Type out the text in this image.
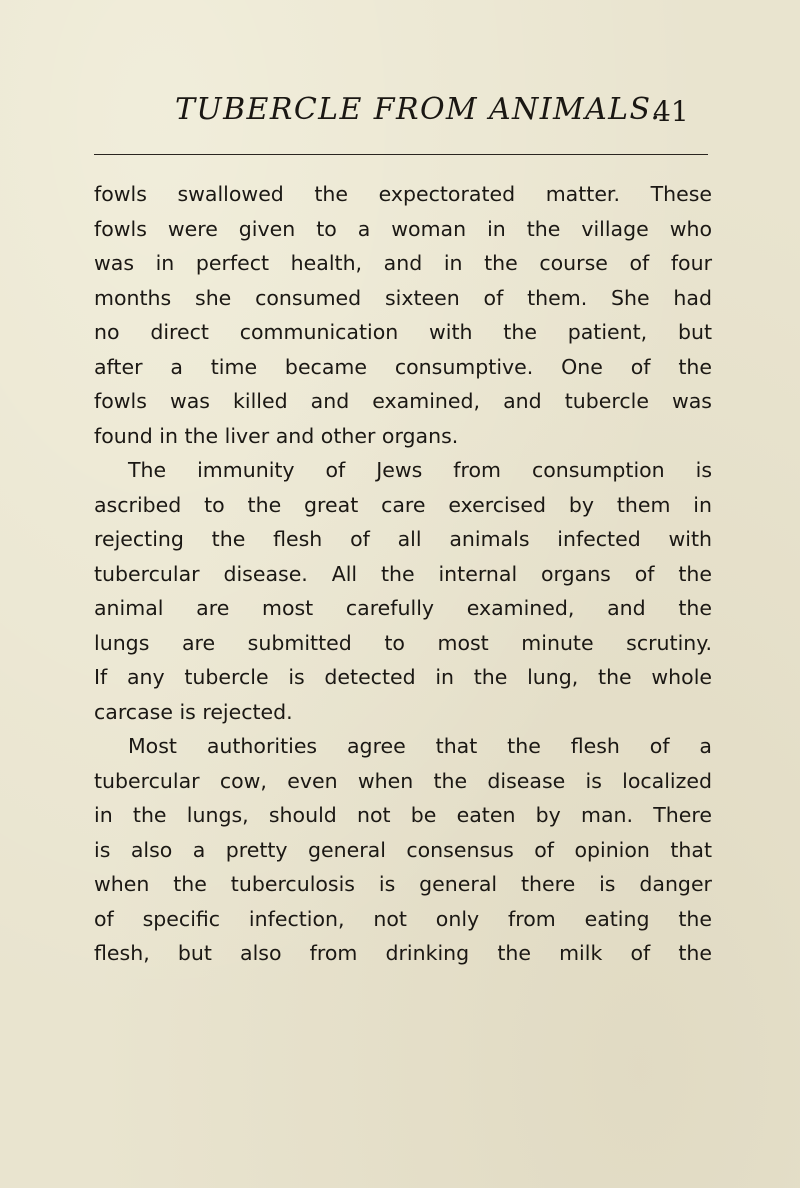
TUBERCLE FROM ANIMALS.
41
fowls swallowed the expectorated matter. These
fowls were given to a woman in the village who
was in perfect health, and in the course of four
months she consumed sixteen of them. She had
no direct communication with the patient, but
after a time became consumptive. One of the
fowls was killed and examined, and tubercle was
found in the liver and other organs.
The immunity of Jews from consumption is
ascribed to the great care exercised by them in
rejecting the flesh of all animals infected with
tubercular disease. All the internal organs of the
animal are most carefully examined, and the
lungs are submitted to most minute scrutiny.
If any tubercle is detected in the lung, the whole
carcase is rejected.
Most authorities agree that the flesh of a
tubercular cow, even when the disease is localized
in the lungs, should not be eaten by man. There
is also a pretty general consensus of opinion that
when the tuberculosis is general there is danger
of specific infection, not only from eating the
flesh, but also from drinking the milk of the
